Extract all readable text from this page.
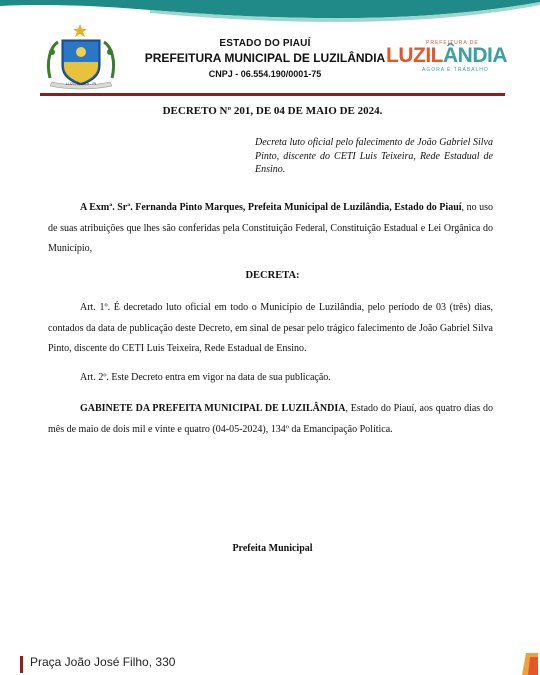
LUZILÂNDIA - PI
ESTADO DO PIAUÍ
PREFEITURA MUNICIPAL DE LUZILÂNDIA
CNPJ - 06.554.190/0001-75
PREFEITURA DE
LUZILÂNDIA
AGORA É TRABALHO
DECRETO Nº 201, DE 04 DE MAIO DE 2024.
Decreta luto oficial pelo falecimento de João Gabriel Silva Pinto, discente do CETI Luis Teixeira, Rede Estadual de Ensino.

A Exmª. Srª. Fernanda Pinto Marques, Prefeita Municipal de Luzilândia, Estado do Piauí, no uso de suas atribuições que lhes são conferidas pela Constituição Federal, Constituição Estadual e Lei Orgânica do Município,

DECRETA:

Art. 1º. É decretado luto oficial em todo o Município de Luzilândia, pelo período de 03 (três) dias, contados da data de publicação deste Decreto, em sinal de pesar pelo trágico falecimento de João Gabriel Silva Pinto, discente do CETI Luis Teixeira, Rede Estadual de Ensino.

Art. 2º. Este Decreto entra em vigor na data de sua publicação.

GABINETE DA PREFEITA MUNICIPAL DE LUZILÂNDIA, Estado do Piauí, aos quatro dias do mês de maio de dois mil e vinte e quatro (04-05-2024), 134º da Emancipação Política.

Prefeita Municipal
Praça João José Filho, 330
